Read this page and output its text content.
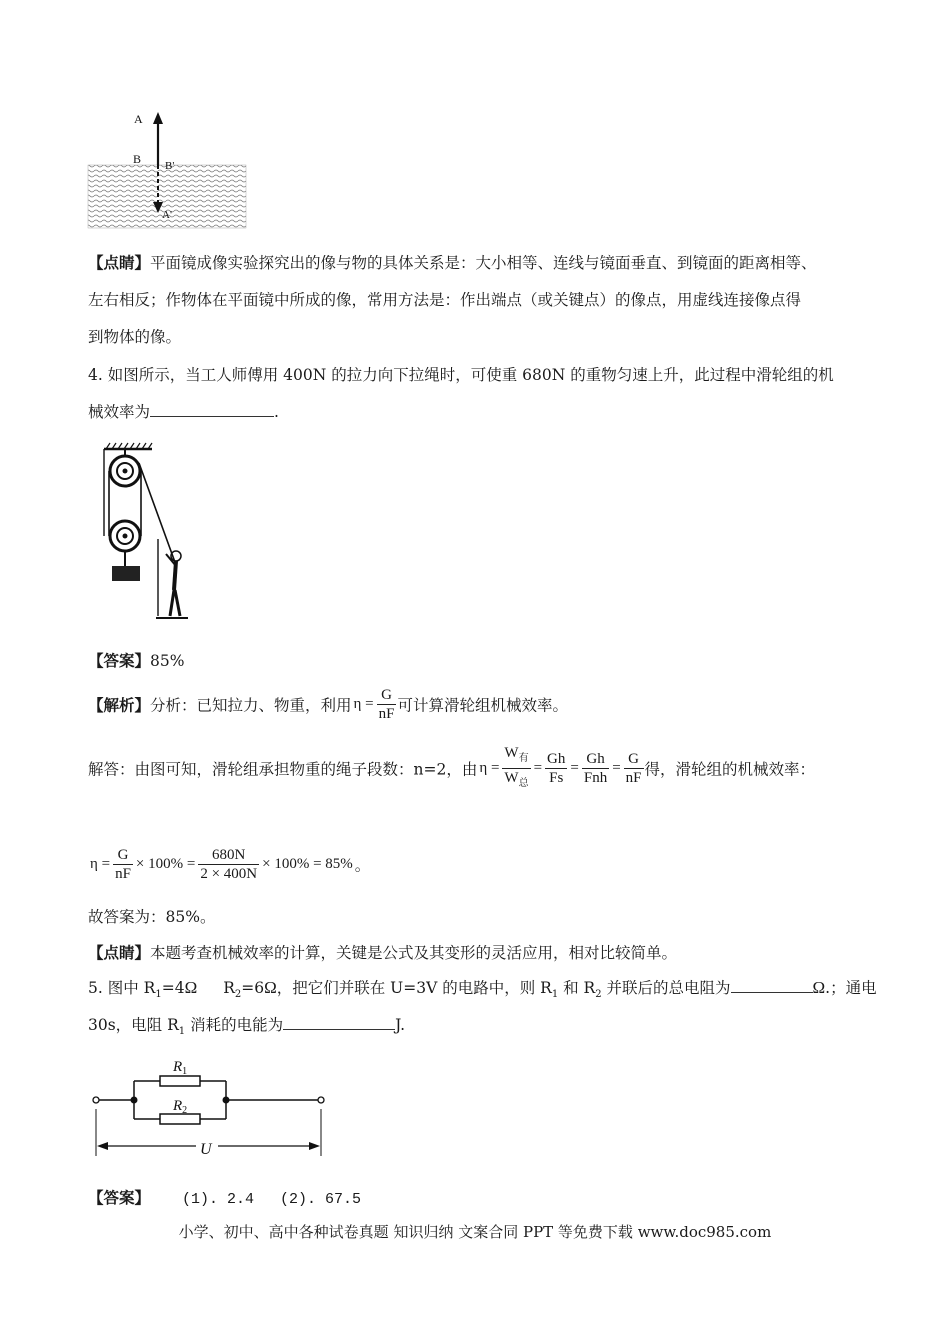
A
B B'
A'
【点睛】平面镜成像实验探究出的像与物的具体关系是：大小相等、连线与镜面垂直、到镜面的距离相等、
左右相反；作物体在平面镜中所成的像，常用方法是：作出端点（或关键点）的像点，用虚线连接像点得
到物体的像。
4. 如图所示，当工人师傅用 400N 的拉力向下拉绳时，可使重 680N 的重物匀速上升，此过程中滑轮组的机
械效率为	.
【答案】85%
【解析】分析：已知拉力、物重，利用 $\eta = \frac{G}{nF}$ 可计算滑轮组机械效率。
解答：由图可知，滑轮组承担物重的绳子段数：n=2，由 $\eta = \frac{W_有}{W_总} = \frac{Gh}{Fs} = \frac{Gh}{\text{Fnh}} = \frac{G}{nF}$ 得，滑轮组的机械效率：
$\eta = \frac{G}{nF} \times 100\% = \frac{680N}{2 \times 400N} \times 100\% = 85\%$ 。
故答案为：85%。
【点睛】本题考查机械效率的计算，关键是公式及其变形的灵活应用，相对比较简单。
5. 图中 $R_1=4\Omega$ $R_2=6\Omega$，把它们并联在 U=3V 的电路中，则 $R_1$ 和 $R_2$ 并联后的总电阻为	Ω.；通电
30s，电阻 $R_1$ 消耗的电能为	J.
$R_1$
$R_2$
U
【答案】 (1). 2.4 (2). 67.5
小学、初中、高中各种试卷真题 知识归纳 文案合同 PPT 等免费下载 www.doc985.com
